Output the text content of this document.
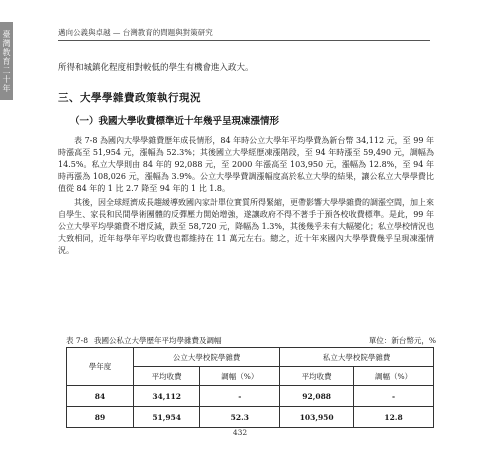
臺灣教育二十年	邁向公義與卓越 — 台灣教育的問題與對策研究

所得和城鎮化程度相對較低的學生有機會進入政大。

三、大學學雜費政策執行現況
（一）我國大學收費標準近十年幾乎呈現凍漲情形

表 7-8 為國內大學學雜費歷年成長情形，84 年時公立大學年平均學費為新台幣 34,112 元，至 99 年時漲高至 51,954 元，漲幅為 52.3%；其後國立大學經歷凍漲階段，至 94 年時漲至 59,490 元，調幅為 14.5%。私立大學則由 84 年的 92,088 元，至 2000 年漲高至 103,950 元，漲幅為 12.8%，至 94 年時再漲為 108,026 元，漲幅為 3.9%。公立大學學費調漲幅度高於私立大學的結果，讓公私立大學學費比值從 84 年的 1 比 2.7 降至 94 年的 1 比 1.8。

其後，因全球經濟成長趨緩導致國內家計單位實質所得緊縮，更帶影響大學學雜費的調漲空間，加上來自學生、家長和民間學術團體的反彈壓力開始增強，遂讓政府不得不著手于預各校收費標準。是此，99 年公立大學平均學雜費不增反減，跌至 58,720 元，降幅為 1.3%，其後幾乎未有大幅變化；私立學校情況也大致相同，近年每學年平均收費也都維持在 11 萬元左右。總之，近十年來國內大學學費幾乎呈現凍漲情況。

表 7-8 我國公私立大學歷年平均學雜費及調幅	單位：新台幣元，%
學年度	公立大學校院學雜費		私立大學校院學雜費	
	平均收費	調幅（%）	平均收費	調幅（%）
84	34,112	-	92,088	-
89	51,954	52.3	103,950	12.8
432
